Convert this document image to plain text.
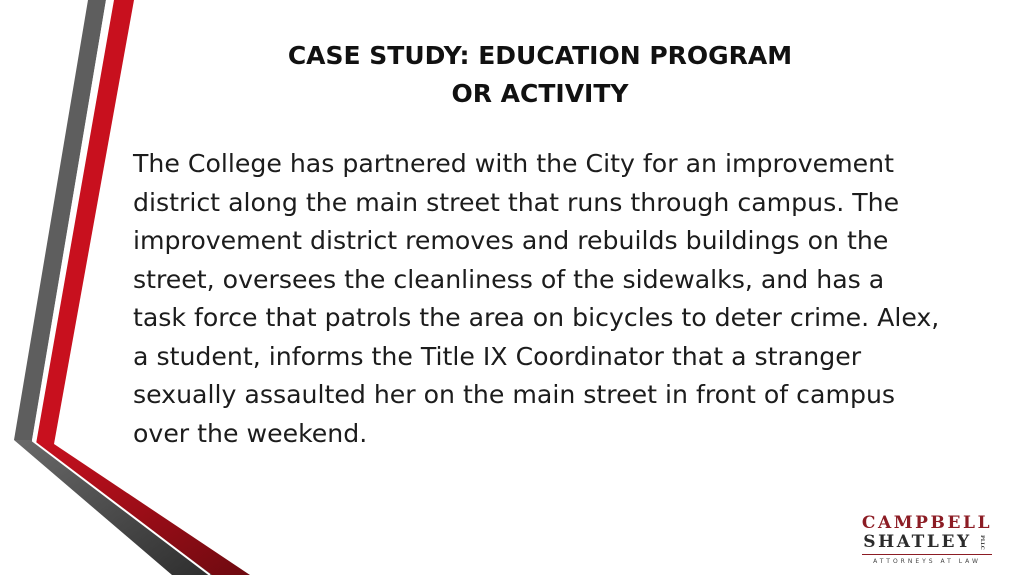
CASE STUDY: EDUCATION PROGRAM
OR ACTIVITY

The College has partnered with the City for an improvement district along the main street that runs through campus. The improvement district removes and rebuilds buildings on the street, oversees the cleanliness of the sidewalks, and has a task force that patrols the area on bicycles to deter crime. Alex, a student, informs the Title IX Coordinator that a stranger sexually assaulted her on the main street in front of campus over the weekend.

CAMPBELL
SHATLEY PLLC
ATTORNEYS AT LAW
